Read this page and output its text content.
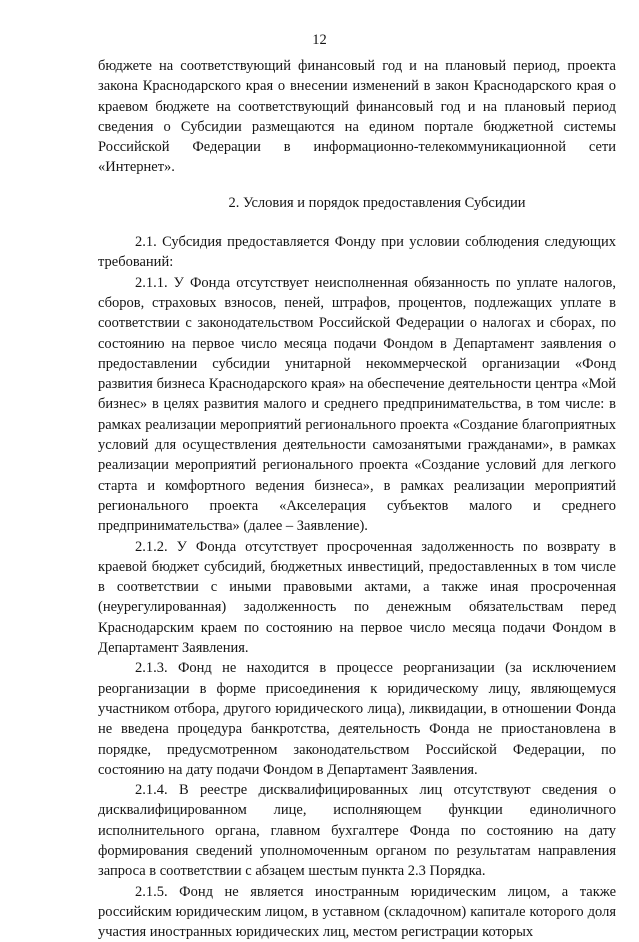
12

бюджете на соответствующий финансовый год и на плановый период, проекта закона Краснодарского края о внесении изменений в закон Краснодарского края о краевом бюджете на соответствующий финансовый год и на плановый период сведения о Субсидии размещаются на едином портале бюджетной системы Российской Федерации в информационно-телекоммуникационной сети «Интернет».

2. Условия и порядок предоставления Субсидии

2.1. Субсидия предоставляется Фонду при условии соблюдения следующих требований:

2.1.1. У Фонда отсутствует неисполненная обязанность по уплате налогов, сборов, страховых взносов, пеней, штрафов, процентов, подлежащих уплате в соответствии с законодательством Российской Федерации о налогах и сборах, по состоянию на первое число месяца подачи Фондом в Департамент заявления о предоставлении субсидии унитарной некоммерческой организации «Фонд развития бизнеса Краснодарского края» на обеспечение деятельности центра «Мой бизнес» в целях развития малого и среднего предпринимательства, в том числе: в рамках реализации мероприятий регионального проекта «Создание благоприятных условий для осуществления деятельности самозанятыми гражданами», в рамках реализации мероприятий регионального проекта «Создание условий для легкого старта и комфортного ведения бизнеса», в рамках реализации мероприятий регионального проекта «Акселерация субъектов малого и среднего предпринимательства» (далее – Заявление).

2.1.2. У Фонда отсутствует просроченная задолженность по возврату в краевой бюджет субсидий, бюджетных инвестиций, предоставленных в том числе в соответствии с иными правовыми актами, а также иная просроченная (неурегулированная) задолженность по денежным обязательствам перед Краснодарским краем по состоянию на первое число месяца подачи Фондом в Департамент Заявления.

2.1.3. Фонд не находится в процессе реорганизации (за исключением реорганизации в форме присоединения к юридическому лицу, являющемуся участником отбора, другого юридического лица), ликвидации, в отношении Фонда не введена процедура банкротства, деятельность Фонда не приостановлена в порядке, предусмотренном законодательством Российской Федерации, по состоянию на дату подачи Фондом в Департамент Заявления.

2.1.4. В реестре дисквалифицированных лиц отсутствуют сведения о дисквалифицированном лице, исполняющем функции единоличного исполнительного органа, главном бухгалтере Фонда по состоянию на дату формирования сведений уполномоченным органом по результатам направления запроса в соответствии с абзацем шестым пункта 2.3 Порядка.

2.1.5. Фонд не является иностранным юридическим лицом, а также российским юридическим лицом, в уставном (складочном) капитале которого доля участия иностранных юридических лиц, местом регистрации которых
